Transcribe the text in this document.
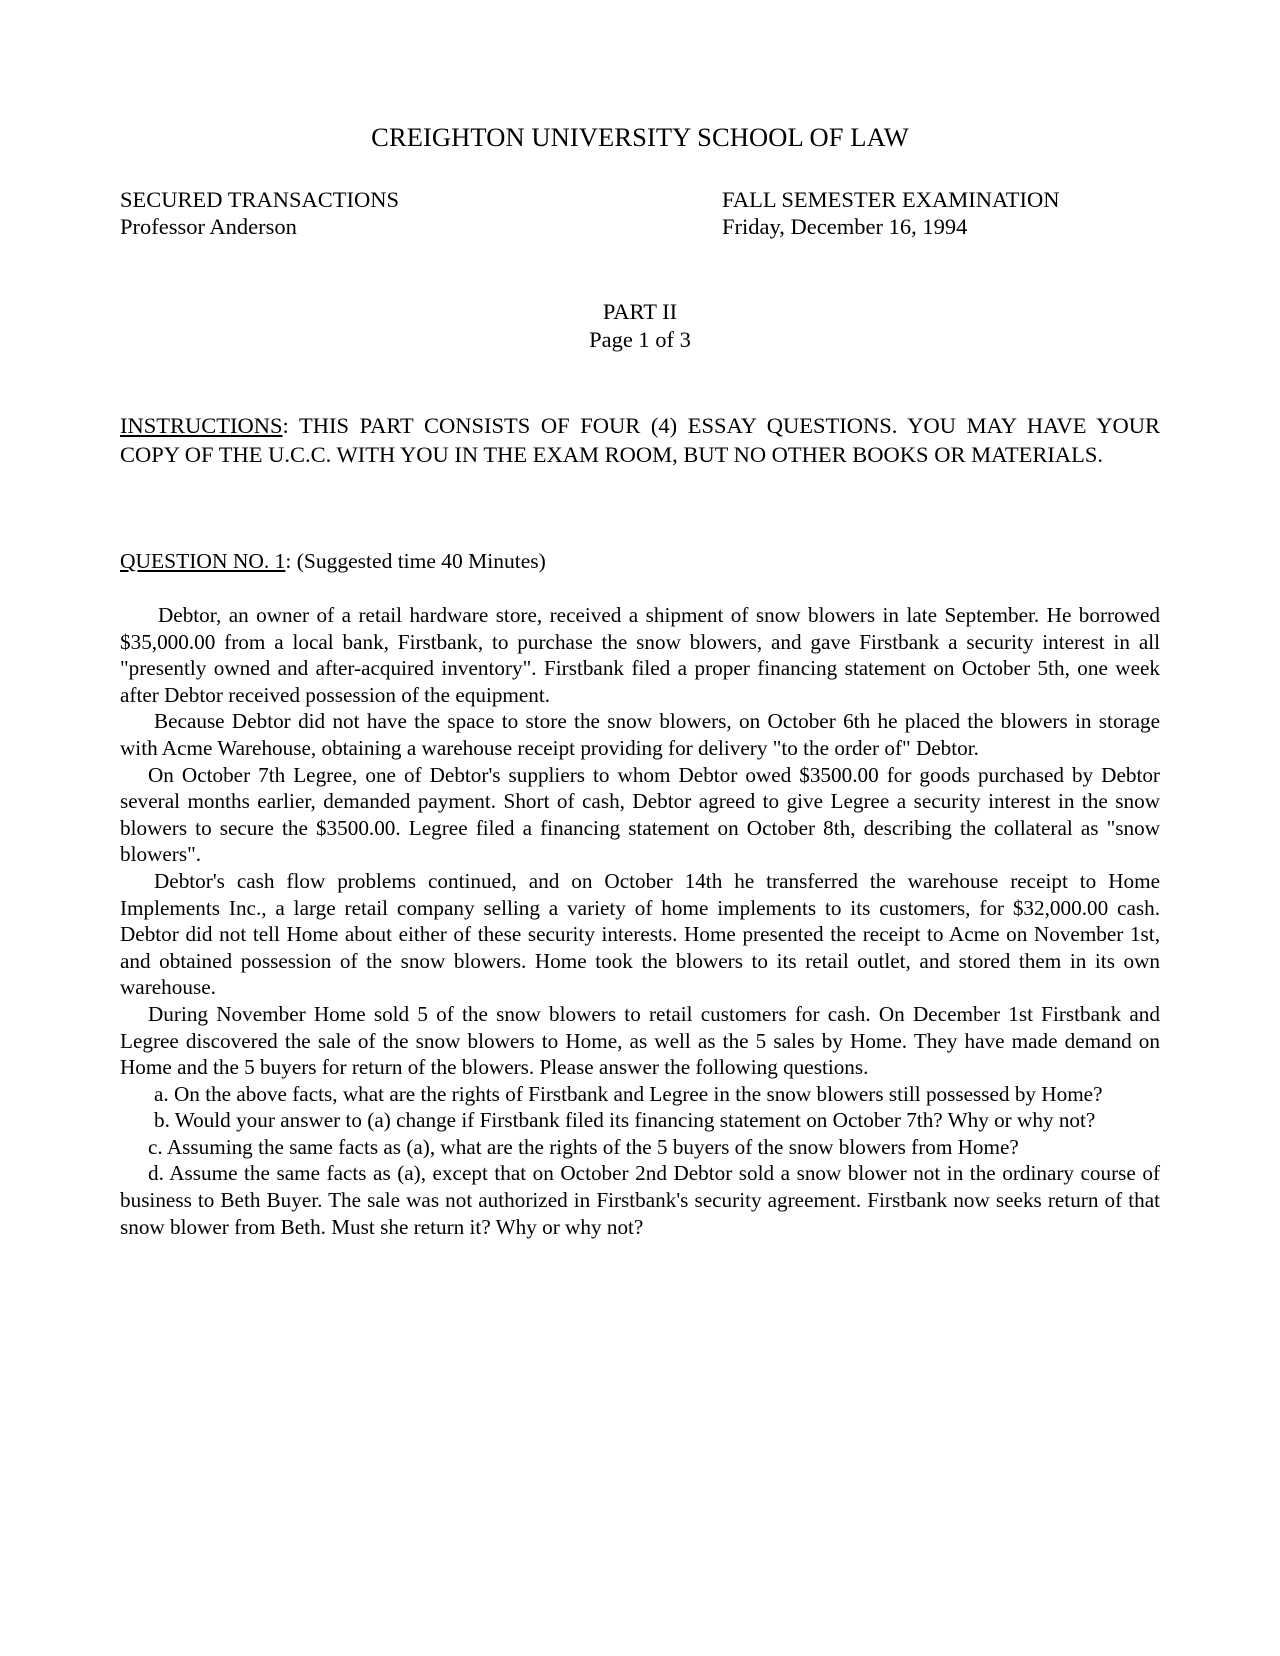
CREIGHTON UNIVERSITY SCHOOL OF LAW
SECURED TRANSACTIONS
Professor Anderson
FALL SEMESTER EXAMINATION
Friday, December 16, 1994
PART II
Page 1 of 3
INSTRUCTIONS: THIS PART CONSISTS OF FOUR (4) ESSAY QUESTIONS. YOU MAY HAVE YOUR COPY OF THE U.C.C. WITH YOU IN THE EXAM ROOM, BUT NO OTHER BOOKS OR MATERIALS.
QUESTION NO. 1: (Suggested time 40 Minutes)

Debtor, an owner of a retail hardware store, received a shipment of snow blowers in late September. He borrowed $35,000.00 from a local bank, Firstbank, to purchase the snow blowers, and gave Firstbank a security interest in all "presently owned and after-acquired inventory". Firstbank filed a proper financing statement on October 5th, one week after Debtor received possession of the equipment.

Because Debtor did not have the space to store the snow blowers, on October 6th he placed the blowers in storage with Acme Warehouse, obtaining a warehouse receipt providing for delivery "to the order of" Debtor.

On October 7th Legree, one of Debtor's suppliers to whom Debtor owed $3500.00 for goods purchased by Debtor several months earlier, demanded payment. Short of cash, Debtor agreed to give Legree a security interest in the snow blowers to secure the $3500.00. Legree filed a financing statement on October 8th, describing the collateral as "snow blowers".

Debtor's cash flow problems continued, and on October 14th he transferred the warehouse receipt to Home Implements Inc., a large retail company selling a variety of home implements to its customers, for $32,000.00 cash. Debtor did not tell Home about either of these security interests. Home presented the receipt to Acme on November 1st, and obtained possession of the snow blowers. Home took the blowers to its retail outlet, and stored them in its own warehouse.

During November Home sold 5 of the snow blowers to retail customers for cash. On December 1st Firstbank and Legree discovered the sale of the snow blowers to Home, as well as the 5 sales by Home. They have made demand on Home and the 5 buyers for return of the blowers. Please answer the following questions.

a. On the above facts, what are the rights of Firstbank and Legree in the snow blowers still possessed by Home?

b. Would your answer to (a) change if Firstbank filed its financing statement on October 7th? Why or why not?

c. Assuming the same facts as (a), what are the rights of the 5 buyers of the snow blowers from Home?

d. Assume the same facts as (a), except that on October 2nd Debtor sold a snow blower not in the ordinary course of business to Beth Buyer. The sale was not authorized in Firstbank's security agreement. Firstbank now seeks return of that snow blower from Beth. Must she return it? Why or why not?
